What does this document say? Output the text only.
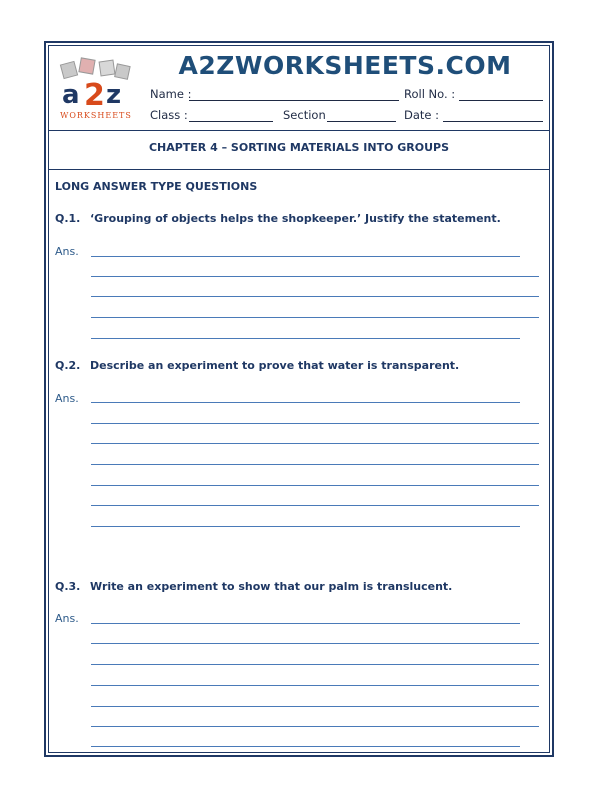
a 2 z
WORKSHEETS
A2ZWORKSHEETS.COM
Name :	Roll No. :
Class :	Section	Date :
CHAPTER 4 – SORTING MATERIALS INTO GROUPS
LONG ANSWER TYPE QUESTIONS
Q.1. ‘Grouping of objects helps the shopkeeper.’ Justify the statement.
Ans.
Q.2. Describe an experiment to prove that water is transparent.
Ans.
Q.3. Write an experiment to show that our palm is translucent.
Ans.
